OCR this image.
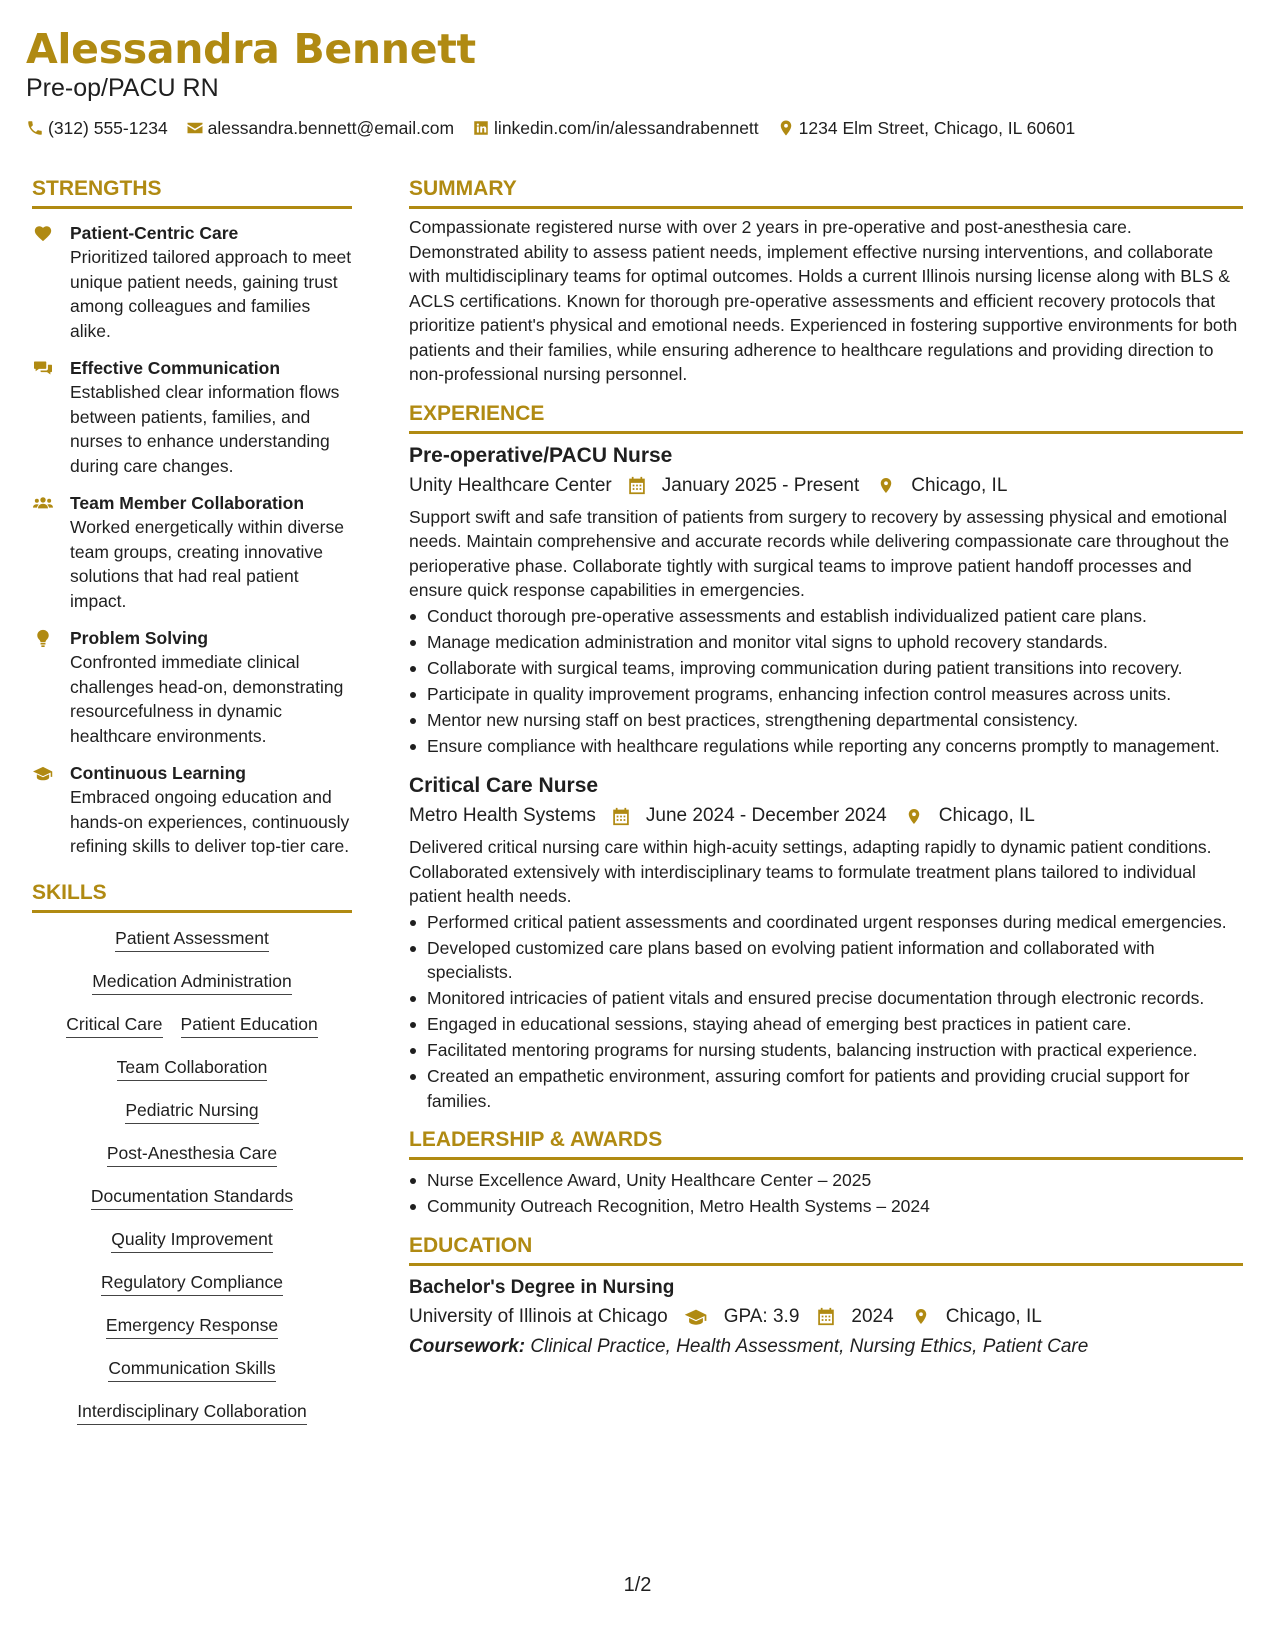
Alessandra Bennett
Pre-op/PACU RN
(312) 555-1234 alessandra.bennett@email.com linkedin.com/in/alessandrabennett 1234 Elm Street, Chicago, IL 60601
STRENGTHS
Patient-Centric Care
Prioritized tailored approach to meet unique patient needs, gaining trust among colleagues and families alike.
Effective Communication
Established clear information flows between patients, families, and nurses to enhance understanding during care changes.
Team Member Collaboration
Worked energetically within diverse team groups, creating innovative solutions that had real patient impact.
Problem Solving
Confronted immediate clinical challenges head-on, demonstrating resourcefulness in dynamic healthcare environments.
Continuous Learning
Embraced ongoing education and hands-on experiences, continuously refining skills to deliver top-tier care.
SKILLS
Patient Assessment
Medication Administration
Critical Care Patient Education
Team Collaboration
Pediatric Nursing
Post-Anesthesia Care
Documentation Standards
Quality Improvement
Regulatory Compliance
Emergency Response
Communication Skills
Interdisciplinary Collaboration
SUMMARY
Compassionate registered nurse with over 2 years in pre-operative and post-anesthesia care. Demonstrated ability to assess patient needs, implement effective nursing interventions, and collaborate with multidisciplinary teams for optimal outcomes. Holds a current Illinois nursing license along with BLS & ACLS certifications. Known for thorough pre-operative assessments and efficient recovery protocols that prioritize patient's physical and emotional needs. Experienced in fostering supportive environments for both patients and their families, while ensuring adherence to healthcare regulations and providing direction to non-professional nursing personnel.
EXPERIENCE
Pre-operative/PACU Nurse
Unity Healthcare Center	January 2025 - Present	Chicago, IL
Support swift and safe transition of patients from surgery to recovery by assessing physical and emotional needs. Maintain comprehensive and accurate records while delivering compassionate care throughout the perioperative phase. Collaborate tightly with surgical teams to improve patient handoff processes and ensure quick response capabilities in emergencies.
Conduct thorough pre-operative assessments and establish individualized patient care plans.
Manage medication administration and monitor vital signs to uphold recovery standards.
Collaborate with surgical teams, improving communication during patient transitions into recovery.
Participate in quality improvement programs, enhancing infection control measures across units.
Mentor new nursing staff on best practices, strengthening departmental consistency.
Ensure compliance with healthcare regulations while reporting any concerns promptly to management.
Critical Care Nurse
Metro Health Systems	June 2024 - December 2024	Chicago, IL
Delivered critical nursing care within high-acuity settings, adapting rapidly to dynamic patient conditions. Collaborated extensively with interdisciplinary teams to formulate treatment plans tailored to individual patient health needs.
Performed critical patient assessments and coordinated urgent responses during medical emergencies.
Developed customized care plans based on evolving patient information and collaborated with specialists.
Monitored intricacies of patient vitals and ensured precise documentation through electronic records.
Engaged in educational sessions, staying ahead of emerging best practices in patient care.
Facilitated mentoring programs for nursing students, balancing instruction with practical experience.
Created an empathetic environment, assuring comfort for patients and providing crucial support for families.
LEADERSHIP & AWARDS
Nurse Excellence Award, Unity Healthcare Center – 2025
Community Outreach Recognition, Metro Health Systems – 2024
EDUCATION
Bachelor's Degree in Nursing
University of Illinois at Chicago	GPA: 3.9	2024	Chicago, IL
Coursework: Clinical Practice, Health Assessment, Nursing Ethics, Patient Care
1/2
